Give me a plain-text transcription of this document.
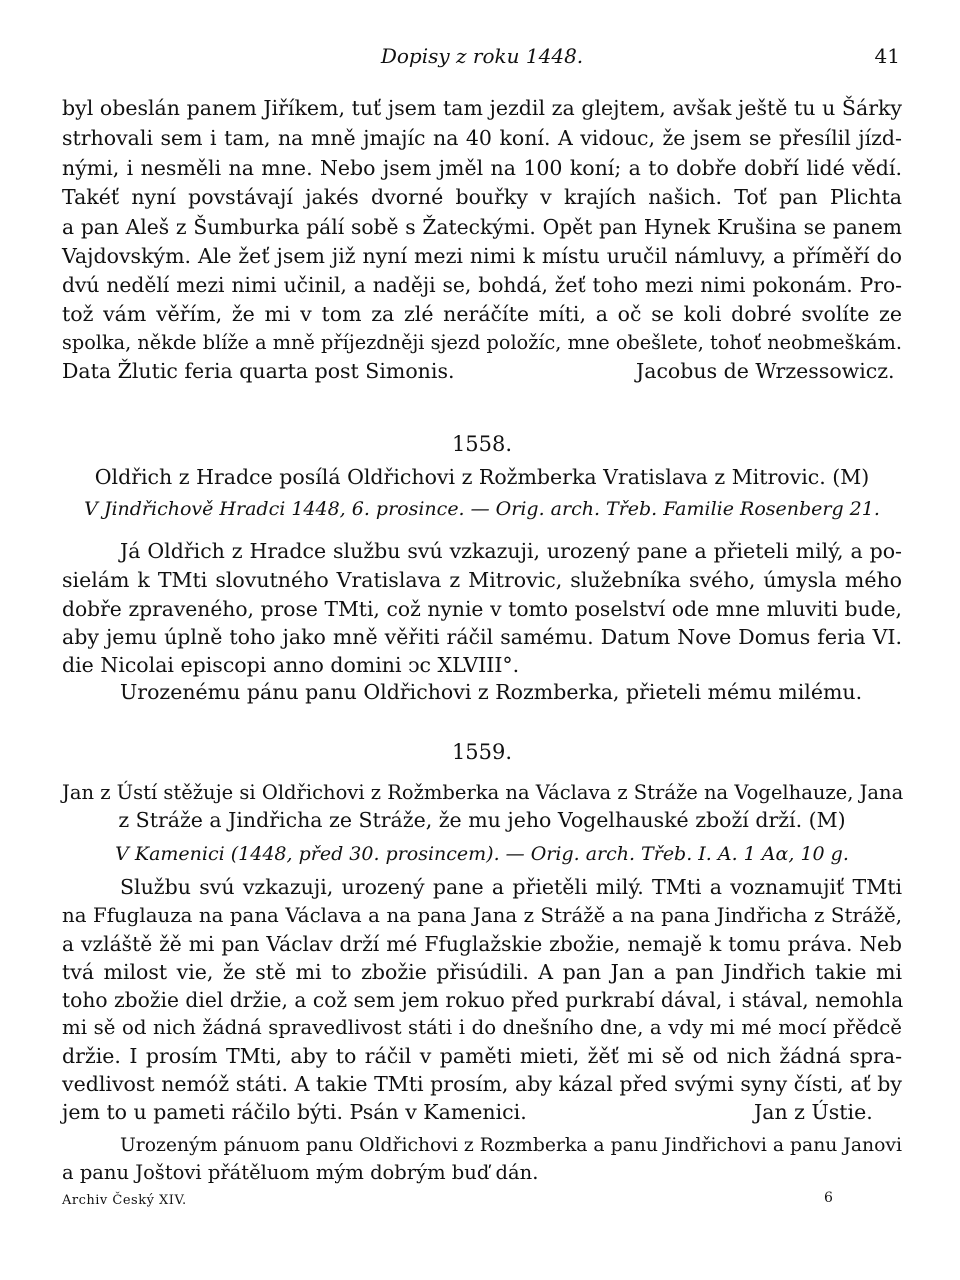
Dopisy z roku 1448.	41
byl obeslán panem Jiříkem, tuť jsem tam jezdil za glejtem, avšak ještě tu u Šárky
strhovali sem i tam, na mně jmajíc na 40 koní. A vidouc, že jsem se přesílil jízd-
nými, i nesměli na mne. Nebo jsem jměl na 100 koní; a to dobře dobří lidé vědí.
Takéť nyní povstávají jakés dvorné bouřky v krajích našich. Toť pan Plichta
a pan Aleš z Šumburka pálí sobě s Žateckými. Opět pan Hynek Krušina se panem
Vajdovským. Ale žeť jsem již nyní mezi nimi k místu uručil námluvy, a příměří do
dvú nedělí mezi nimi učinil, a naději se, bohdá, žeť toho mezi nimi pokonám. Pro-
tož vám věřím, že mi v tom za zlé neráčíte míti, a oč se koli dobré svolíte ze
spolka, někde blíže a mně příjezdněji sjezd položíc, mne obešlete, tohoť neobmeškám.
Data Žlutic feria quarta post Simonis.	Jacobus de Wrzessowicz.
1558.
Oldřich z Hradce posílá Oldřichovi z Rožmberka Vratislava z Mitrovic. (M)
V Jindřichově Hradci 1448, 6. prosince. — Orig. arch. Třeb. Familie Rosenberg 21.
Já Oldřich z Hradce službu svú vzkazuji, urozený pane a přieteli milý, a po-
sielám k TMti slovutného Vratislava z Mitrovic, služebníka svého, úmysla mého
dobře zpraveného, prose TMti, což nynie v tomto poselství ode mne mluviti bude,
aby jemu úplně toho jako mně věřiti ráčil samému. Datum Nove Domus feria VI.
die Nicolai episcopi anno domini ↄc XLVIII°.
Urozenému pánu panu Oldřichovi z Rozmberka, přieteli mému milému.
1559.
Jan z Ústí stěžuje si Oldřichovi z Rožmberka na Václava z Stráže na Vogelhauze, Jana
z Stráže a Jindřicha ze Stráže, že mu jeho Vogelhauské zboží drží. (M)
V Kamenici (1448, před 30. prosincem). — Orig. arch. Třeb. I. A. 1 Aα, 10 g.
Službu svú vzkazuji, urozený pane a přietěli milý. TMti a voznamujiť TMti
na Ffuglauza na pana Václava a na pana Jana z Strážě a na pana Jindřicha z Strážě,
a vzláště žě mi pan Václav drží mé Ffuglažskie zbožie, nemajě k tomu práva. Neb
tvá milost vie, že stě mi to zbožie přisúdili. A pan Jan a pan Jindřich takie mi
toho zbožie diel držie, a což sem jem rokuo před purkrabí dával, i stával, nemohla
mi sě od nich žádná spravedlivost státi i do dnešního dne, a vdy mi mé mocí přědcě
držie. I prosím TMti, aby to ráčil v paměti mieti, žěť mi sě od nich žádná spra-
vedlivost nemóž státi. A takie TMti prosím, aby kázal před svými syny čísti, ať by
jem to u pameti ráčilo býti. Psán v Kamenici.	Jan z Ústie.
Urozeným pánuom panu Oldřichovi z Rozmberka a panu Jindřichovi a panu Janovi
a panu Joštovi přátěluom mým dobrým buď dán.
Archiv Český XIV.	6
